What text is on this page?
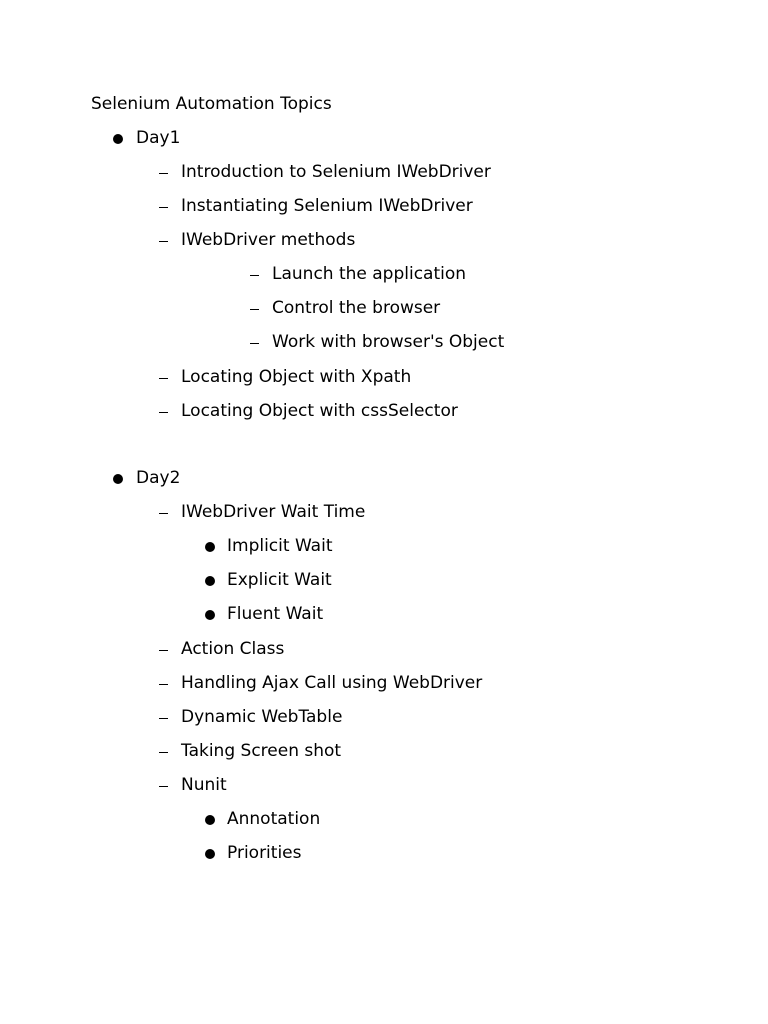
Selenium Automation Topics
Day1
Introduction to Selenium IWebDriver
Instantiating Selenium IWebDriver
IWebDriver methods
Launch the application
Control the browser
Work with browser's Object
Locating Object with Xpath
Locating Object with cssSelector
Day2
IWebDriver Wait Time
Implicit Wait
Explicit Wait
Fluent Wait
Action Class
Handling Ajax Call using WebDriver
Dynamic WebTable
Taking Screen shot
Nunit
Annotation
Priorities
